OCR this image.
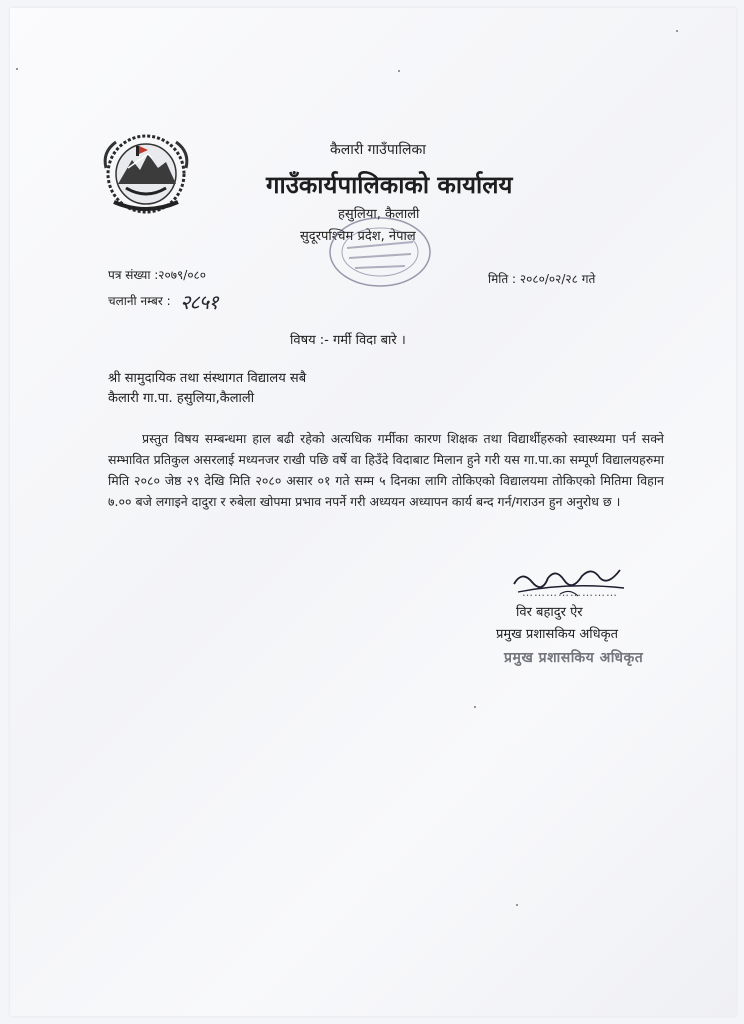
कैलारी गाउँपालिका
गाउँकार्यपालिकाको कार्यालय
हसुलिया, कैलाली
सुदूरपश्चिम प्रदेश, नेपाल
पत्र संख्या :२०७९/०८०	मिति : २०८०/०२/२८ गते
चलानी नम्बर : २८५१
विषय :- गर्मी विदा बारे ।
श्री सामुदायिक तथा संस्थागत विद्यालय सबै
कैलारी गा.पा. हसुलिया,कैलाली
प्रस्तुत विषय सम्बन्धमा हाल बढी रहेको अत्यधिक गर्मीका कारण शिक्षक तथा विद्यार्थीहरुको स्वास्थ्यमा पर्न सक्ने सम्भावित प्रतिकुल असरलाई मध्यनजर राखी पछि वर्षे वा हिउँदे विदाबाट मिलान हुने गरी यस गा.पा.का सम्पूर्ण विद्यालयहरुमा मिति २०८० जेष्ठ २९ देखि मिति २०८० असार ०१ गते सम्म ५ दिनका लागि तोकिएको विद्यालयमा तोकिएको मितिमा विहान ७.०० बजे लगाइने दादुरा र रुबेला खोपमा प्रभाव नपर्ने गरी अध्ययन अध्यापन कार्य बन्द गर्न/गराउन हुन अनुरोध छ ।
……………………
विर बहादुर ऐर
प्रमुख प्रशासकिय अधिकृत
प्रमुख प्रशासकिय अधिकृत
